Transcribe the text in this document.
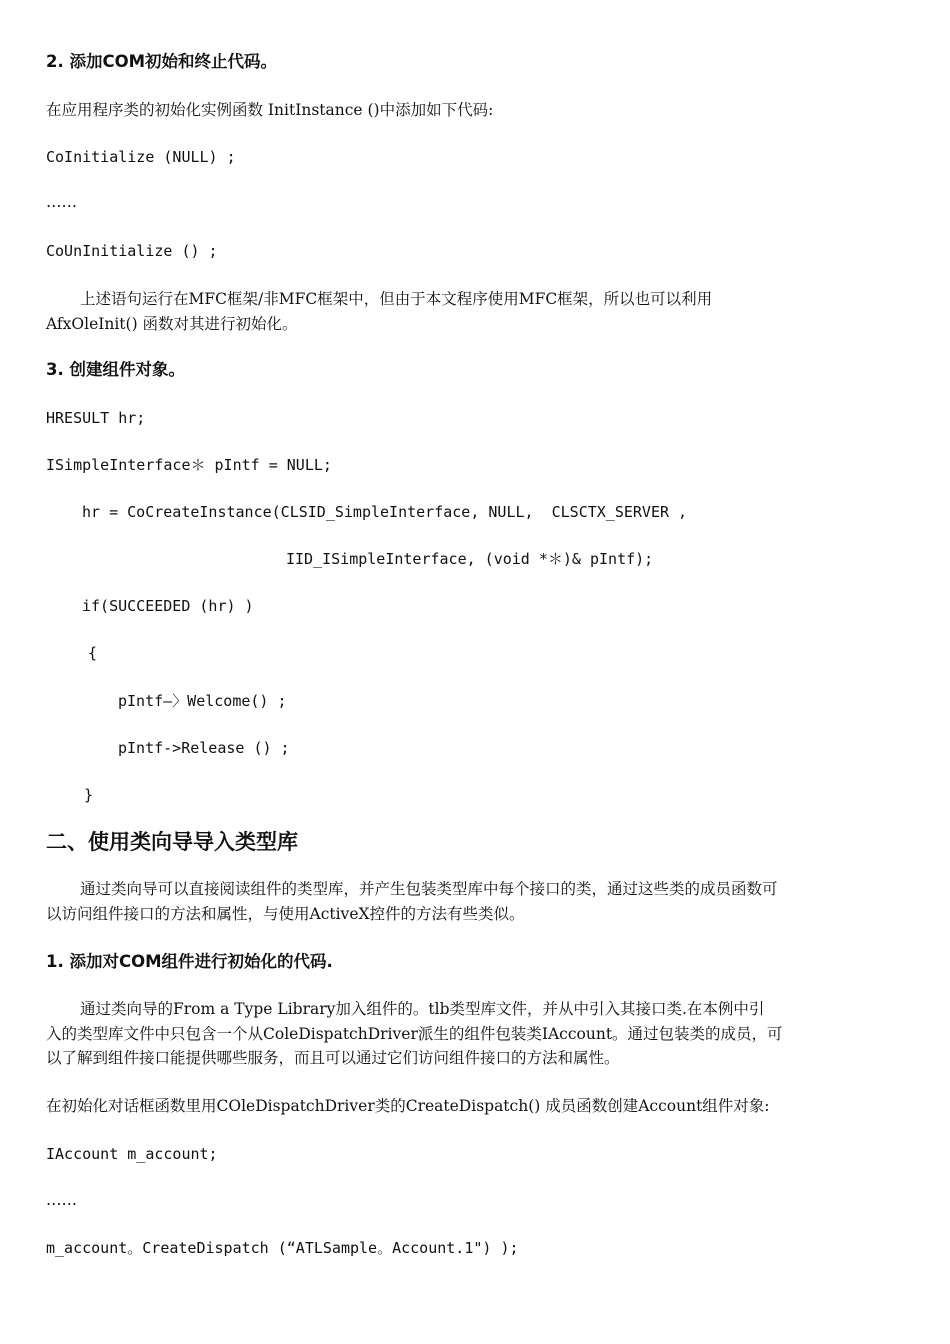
2. 添加COM初始和终止代码。
在应用程序类的初始化实例函数 InitInstance ()中添加如下代码:
CoInitialize (NULL) ;
……
CoUnInitialize () ;
上述语句运行在MFC框架/非MFC框架中，但由于本文程序使用MFC框架，所以也可以利用
AfxOleInit() 函数对其进行初始化。
3. 创建组件对象。
HRESULT hr;
ISimpleInterface＊ pIntf = NULL;
hr = CoCreateInstance(CLSID_SimpleInterface, NULL,  CLSCTX_SERVER ,
IID_ISimpleInterface, (void *＊)& pIntf);
if(SUCCEEDED (hr) )
{
pIntf—〉Welcome() ;
pIntf->Release () ;
}
二、使用类向导导入类型库
通过类向导可以直接阅读组件的类型库，并产生包装类型库中每个接口的类，通过这些类的成员函数可
以访问组件接口的方法和属性，与使用ActiveX控件的方法有些类似。
1. 添加对COM组件进行初始化的代码.
通过类向导的From a Type Library加入组件的。tlb类型库文件，并从中引入其接口类.在本例中引
入的类型库文件中只包含一个从ColeDispatchDriver派生的组件包装类IAccount。通过包装类的成员，可
以了解到组件接口能提供哪些服务，而且可以通过它们访问组件接口的方法和属性。
在初始化对话框函数里用COleDispatchDriver类的CreateDispatch() 成员函数创建Account组件对象:
IAccount m_account;
……
m_account。CreateDispatch (“ATLSample。Account.1") );
